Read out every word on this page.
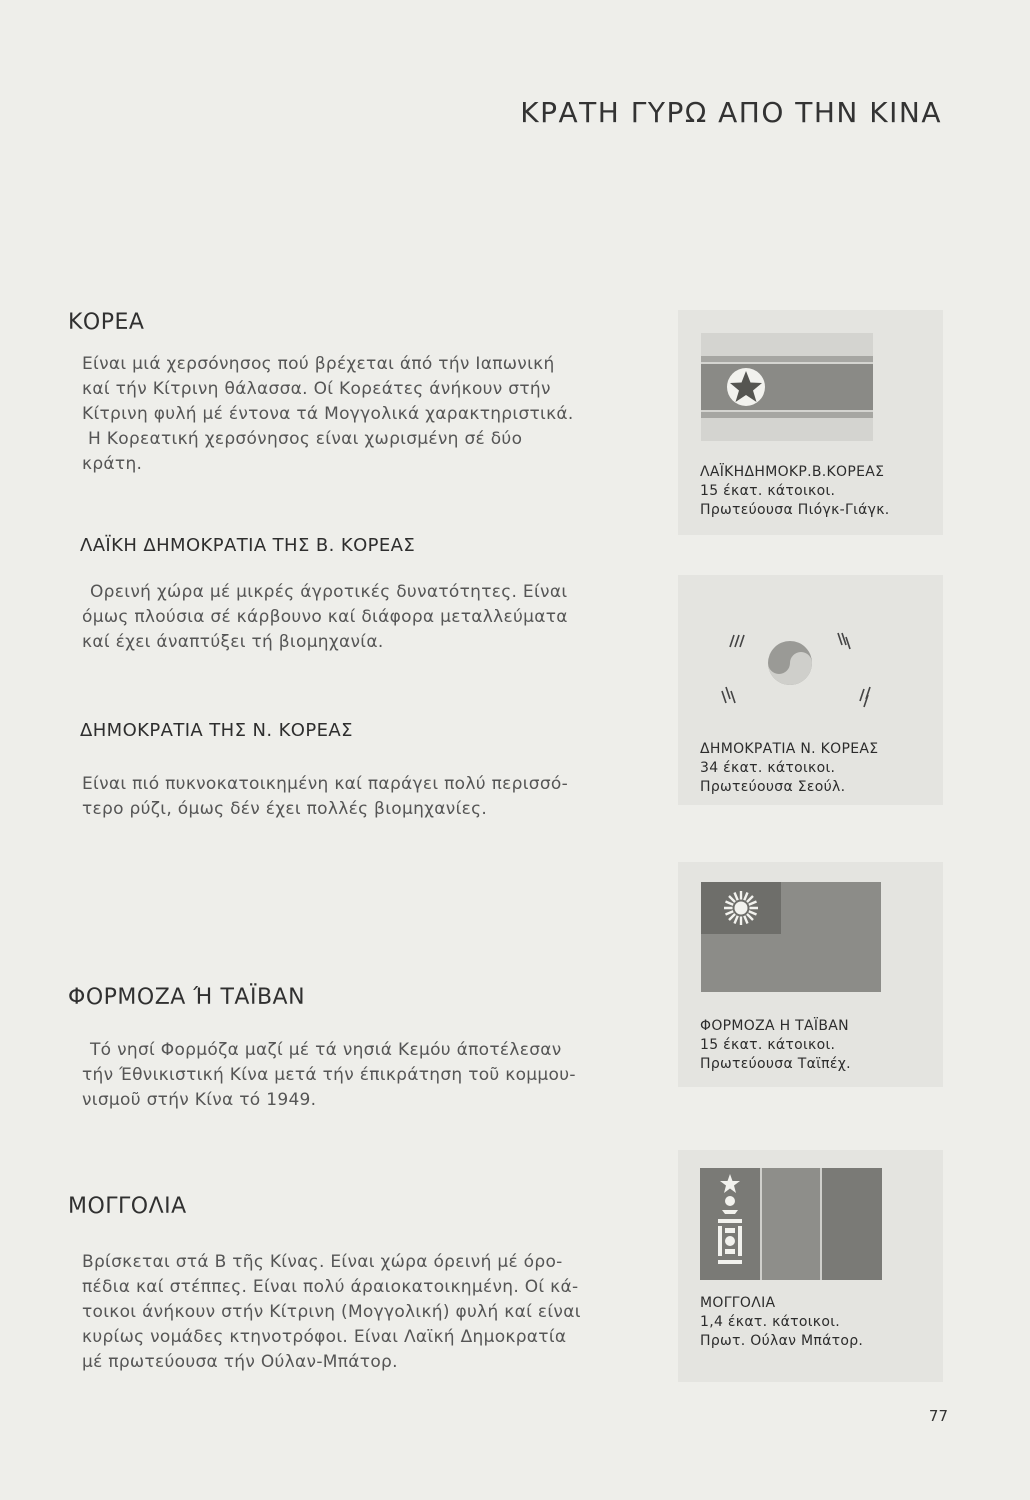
ΚΡΑΤΗ ΓΥΡΩ ΑΠΟ ΤΗΝ ΚΙΝΑ
ΚΟΡΕΑ
Είναι μιά χερσόνησος πού βρέχεται άπό τήν Ιαπωνική
καί τήν Κίτρινη θάλασσα. Οί Κορεάτες άνήκουν στήν
Κίτρινη φυλή μέ έντονα τά Μογγολικά χαρακτηριστικά.
Η Κορεατική χερσόνησος είναι χωρισμένη σέ δύο
κράτη.
ΛΑΪΚΗ ΔΗΜΟΚΡΑΤΙΑ ΤΗΣ Β. ΚΟΡΕΑΣ
Ορεινή χώρα μέ μικρές άγροτικές δυνατότητες. Είναι
όμως πλούσια σέ κάρβουνο καί διάφορα μεταλλεύματα
καί έχει άναπτύξει τή βιομηχανία.
ΔΗΜΟΚΡΑΤΙΑ ΤΗΣ Ν. ΚΟΡΕΑΣ
Είναι πιό πυκνοκατοικημένη καί παράγει πολύ περισσό-
τερο ρύζι, όμως δέν έχει πολλές βιομηχανίες.
ΛΑΪΚΗΔΗΜΟΚΡ.Β.ΚΟΡΕΑΣ
15 έκατ. κάτοικοι.
Πρωτεύουσα Πιόγκ-Γιάγκ.
ΔΗΜΟΚΡΑΤΙΑ Ν. ΚΟΡΕΑΣ
34 έκατ. κάτοικοι.
Πρωτεύουσα Σεούλ.
ΦΟΡΜΟΖΑ Ή ΤΑΪΒΑΝ
Τό νησί Φορμόζα μαζί μέ τά νησιά Κεμόυ άποτέλεσαν
τήν Έθνικιστική Κίνα μετά τήν έπικράτηση τοῦ κομμου-
νισμοῦ στήν Κίνα τό 1949.
ΦΟΡΜΟΖΑ Η ΤΑΪΒΑΝ
15 έκατ. κάτοικοι.
Πρωτεύουσα Ταϊπέχ.
ΜΟΓΓΟΛΙΑ
Βρίσκεται στά Β τῆς Κίνας. Είναι χώρα όρεινή μέ όρο-
πέδια καί στέππες. Είναι πολύ άραιοκατοικημένη. Οί κά-
τοικοι άνήκουν στήν Κίτρινη (Μογγολική) φυλή καί είναι
κυρίως νομάδες κτηνοτρόφοι. Είναι Λαϊκή Δημοκρατία
μέ πρωτεύουσα τήν Ούλαν-Μπάτορ.
ΜΟΓΓΟΛΙΑ
1,4 έκατ. κάτοικοι.
Πρωτ. Ούλαν Μπάτορ.
77
